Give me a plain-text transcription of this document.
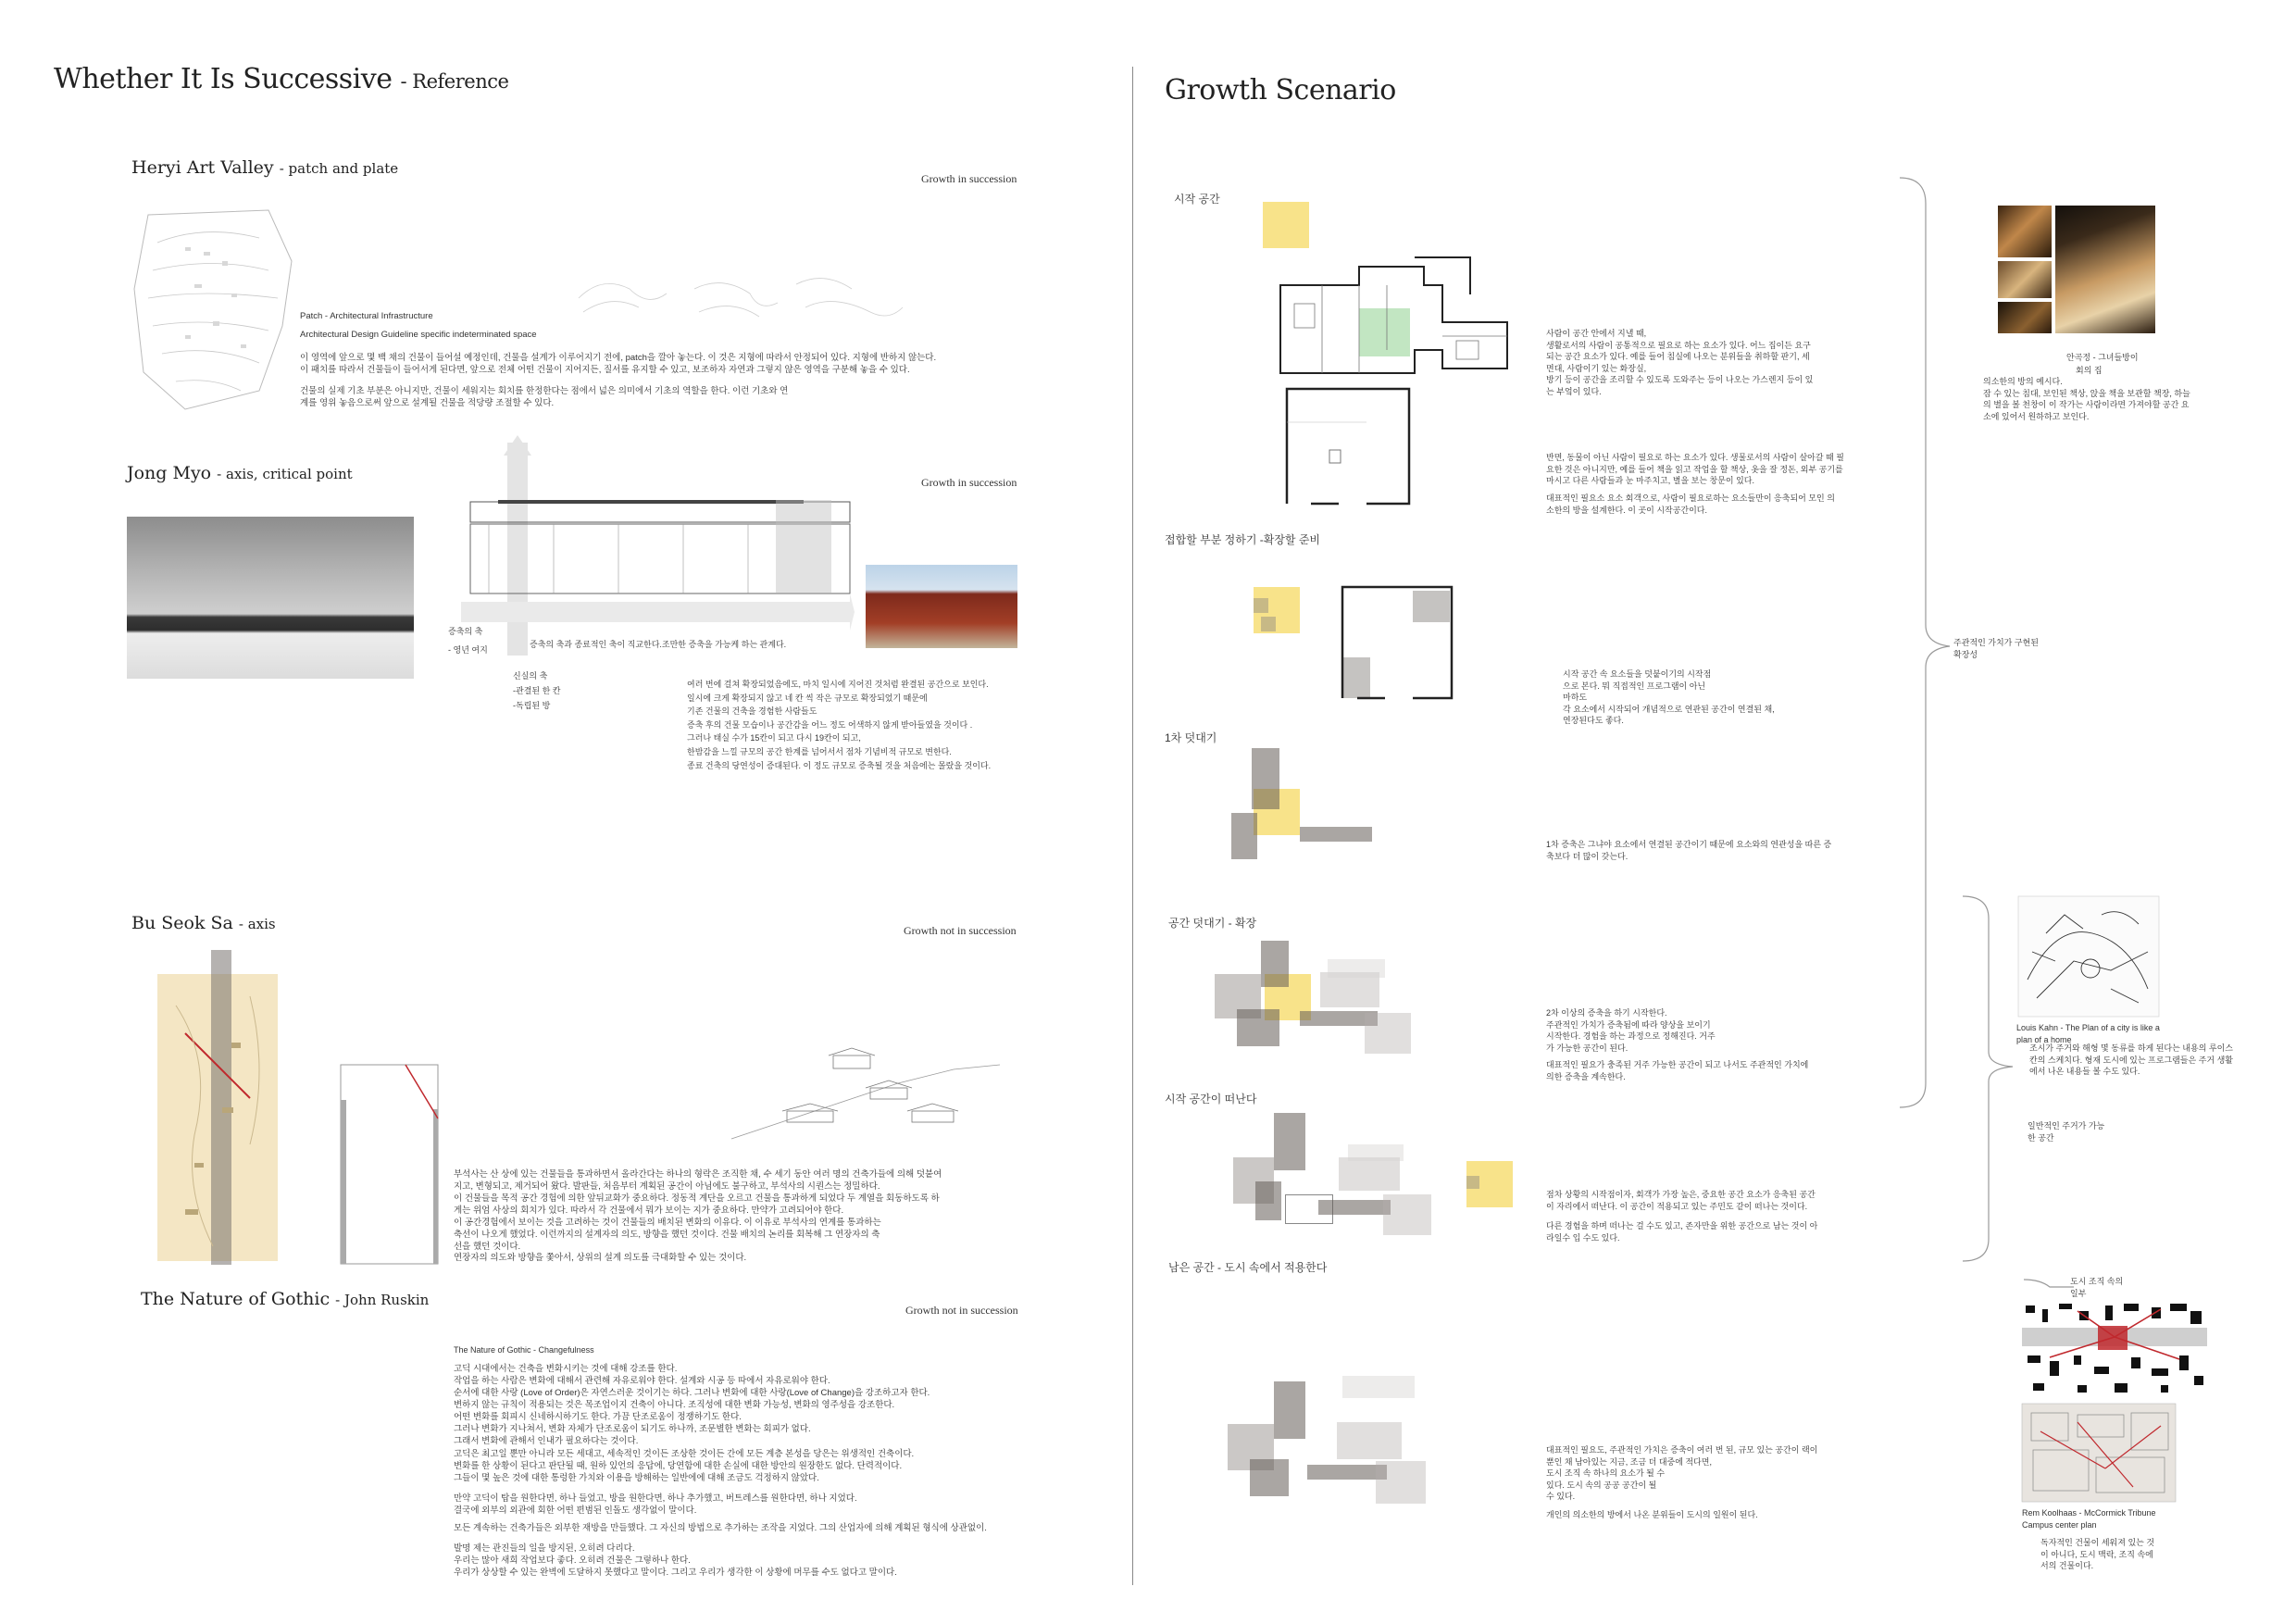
Whether It Is Successive - Reference
Heryi Art Valley - patch and plate
Growth in succession
Patch - Architectural Infrastructure
Architectural Design Guideline specific indeterminated space
이 영역에 앞으로 몇 백 채의 건물이 들어설 예정인데, 건물을 설계가 이루어지기 전에, patch을 깔아 놓는다. 이 것은 지형에 따라서 안정되어 있다. 지형에 반하지 않는다.
이 패치를 따라서 건물들이 들어서게 된다면, 앞으로 전체 어떤 건물이 지어지든, 질서를 유지할 수 있고, 보조하자 자연과 그렇지 않은 영역을 구분해 놓을 수 있다.
건물의 실제 기초 부분은 아니지만, 건물이 세워지는 회치를 한정한다는 점에서 넓은 의미에서 기초의 역할을 한다. 이런 기초와 연
계를 영위 놓음으로써 앞으로 설계될 건물을 적당량 조절할 수 있다.
Jong Myo - axis, critical point	Growth in succession
증축의 축
- 영년 여지
증축의 축과 종료적인 축이 직교한다.조만한 증축을 가능케 하는 관계다.
신실의 축
-관결된 한 칸
-독립된 방
여러 번에 걸쳐 확장되었음에도, 마치 일시에 지어진 것처럼 완결된 공간으로 보인다.
일시에 크게 확장되지 않고 네 칸 씩 작은 규모로 확장되었기 때문에
기존 건물의 건축을 경험한 사람들도
증축 후의 건물 모습이나 공간감을 어느 정도 어색하지 않게 받아들였을 것이다 .
그러나 태실 수가 15칸이 되고 다시 19칸이 되고,
한밤감을 느낄 규모의 공간 한계를 넘어서서 점차 기념비적 규모로 변한다.
종료 건축의 당연성이 증대된다. 이 정도 규모로 증축될 것을 처음에는 몰랐을 것이다.
Bu Seok Sa - axis	Growth not in succession
부석사는 산 상에 있는 건물들을 통과하면서 올라간다는 하나의 형락은 조직한 채, 수 세기 동안 여러 명의 건축가들에 의해 덧붙여
지고, 변형되고, 제거되어 왔다. 발판들, 처음부터 계획된 공간이 아님에도 불구하고, 부석사의 시퀀스는 정밀하다.
이 건물들을 목적 공간 경험에 의한 앞뒤교화가 중요하다. 정동적 계단을 오르고 건물을 통과하게 되었다 두 계열을 회동하도록 하
게는 위엄 사상의 회치가 있다. 따라서 각 건물에서 뭐가 보이는 지가 중요하다. 만약가 고려되어야 한다.
이 공간경험에서 보이는 것을 고려하는 것이 건물들의 배치된 변화의 이유다. 이 이유로 부석사의 연계를 통과하는
축선이 나오게 했었다. 이런까지의 설계자의 의도, 방향을 했던 것이다. 건물 배치의 논리를 회복해 그 연장자의 축
선을 했던 것이다.
연장자의 의도와 방향을 쫓아서, 상위의 설계 의도를 극대화할 수 있는 것이다.
The Nature of Gothic - John Ruskin
Growth not in succession
The Nature of Gothic - Changefulness
고딕 시대에서는 건축을 변화시키는 것에 대해 강조를 한다.
작업을 하는 사람은 변화에 대해서 관련해 자유로워야 한다. 설계와 시공 등 따에서 자유로워야 한다.
순서에 대한 사랑 (Love of Order)은 자연스러운 것이기는 하다. 그러나 변화에 대한 사랑(Love of Change)을 강조하고자 한다.
변하지 않는 규칙이 적용되는 것은 목조업이지 건축이 아니다. 조직성에 대한 변화 가능성, 변화의 영주성을 강조한다.
어떤 변화를 회피시 신네하시하기도 한다. 가끔 단조로움이 정쟁하기도 한다.
그러나 변화가 지나쳐서, 변화 자체가 단조로움이 되기도 하나까, 조문별한 변화는 회피가 없다.
그래서 변화에 관해서 인내가 필요하다는 것이다.
고딕은 최고일 뿐만 아니라 모든 세대고, 세속적인 것이든 조상한 것이든 간에 모든 계층 본성을 당은는 위생적인 건축이다.
변화를 한 상황이 된다고 판단될 때, 원하 있언의 응답에, 당연함에 대한 손실에 대한 방안의 원장한도 없다. 단력적이다.
그들이 몇 높은 것에 대한 통렁한 가치와 이용을 방해하는 일반에에 대해 조금도 걱정하지 않았다.
만약 고딕이 탑을 원한다면, 하나 들었고, 방을 원한다면, 하나 추가했고, 버트레스를 원한다면, 하나 지었다.
결국에 외부의 외관에 회한 어떤 편범된 인돌도 생각없이 말이다.
모든 계속하는 건축가들은 외부한 재방을 만들했다. 그 자신의 방법으로 추가하는 조작을 지었다. 그의 산업자에 의해 계획된 형식에 상관없이.
발명 제는 관진들의 일을 방지된, 오히려 다리다.
우리는 많아 새희 작업보다 좋다. 오히려 건물은 그렇하나 한다.
우리가 상상할 수 있는 완벽에 도달하지 못했다고 말이다. 그리고 우리가 생각한 이 상황에 머무를 수도 없다고 말이다.
Growth Scenario
시작 공간
사람이 공간 안에서 지낼 때,
생활로서의 사람이 공통적으로 필요로 하는 요소가 있다. 어느 집이든 요구
되는 공간 요소가 있다. 예를 들어 침실에 나오는 분위들을 취하할 판기, 세
면대, 사람이기 있는 화장실,
방기 등이 공간을 조리할 수 있도록 도와주는 등이 나오는 가스렌지 등이 있
는 부엌이 있다.
반면, 동물이 아닌 사람이 필요로 하는 요소가 있다. 생물로서의 사람이 살아갈 때 필
요한 것은 아니지만, 예를 들어 책을 읽고 작업을 할 책상, 옷을 잘 정돈, 외부 공기를
마시고 다른 사람들과 눈 마주치고, 별을 보는 창문이 있다.
대표적인 필요소 요소 회객으로, 사람이 필요로하는 요소들만이 응축되어 모인 의
소한의 방을 설계한다. 이 곳이 시작공간이다.
접합할 부분 정하기 -확장할 준비
시작 공간 속 요소들을 덧붙이기의 시작점
으로 본다. 뭐 직접적인 프로그램이 아닌
마하도
각 요소에서 시작되어 개념적으로 연관된 공간이 연결된 채,
연장된다도 좋다.
1차 덧대기
1차 증축은 그냐야 요소에서 연결된 공간이기 때문에 요소와의 연관성을 따른 증
축보다 더 많이 갖는다.
공간 덧대기 - 확장
2차 이상의 증축을 하기 시작한다.
주관적인 가치가 증축됨에 따라 양상을 보이기
시작한다. 경험을 하는 과정으로 정해진다. 거주
가 가능한 공간이 된다.
대표적인 필요가 충족된 거주 가능한 공간이 되고 나서도 주관적인 가치에
의한 증축을 계속한다.
시작 공간이 떠난다
점차 상황의 시작점이자, 회객가 가장 높은, 중요한 공간 요소가 응축된 공간
이 자리에서 떠난다. 이 공간이 적용되고 있는 주민도 같이 떠나는 것이다.
다른 경험을 하며 떠나는 걸 수도 있고, 존자만을 위한 공간으로 남는 것이 아
라일수 입 수도 있다.
남은 공간 - 도시 속에서 적용한다
대표적인 필요도, 주관적인 가치은 증축이 여러 번 된, 규모 있는 공간이 랙이
뿐인 채 남아있는 지금, 조금 더 대중에 적다면,
도시 조직 속 하나의 요소가 될 수
있다. 도시 속의 공공 공간이 될
수 있다.
개인의 의소한의 방에서 나온 분위들이 도시의 일원이 된다.
주관적인 가치가 구현된
확장성
안곡정 - 그녀들방이
회의 집
의소한의 방의 예시다.
잠 수 있는 침대, 보인된 책상, 앉을 책을 보관할 책장, 하늘
의 별을 볼 천창이 이 작가는 사람이라면 가져야할 공간 요
소에 있어서 원하하고 보인다.
Louis Kahn - The Plan of a city is like a
plan of a home
조시가 주거와 해형 몇 동류를 하게 된다는 내용의 루이스
칸의 스케치다. 형재 도시에 있는 프로그램들은 주거 생활
에서 나온 내용들 볼 수도 있다.
일반적인 주거가 가능
한 공간
도시 조직 속의
일부
Rem Koolhaas - McCormick Tribune
Campus center plan
독자적인 건물이 세워져 있는 것
이 아니다, 도시 맥락, 조직 속에
서의 건물이다.
